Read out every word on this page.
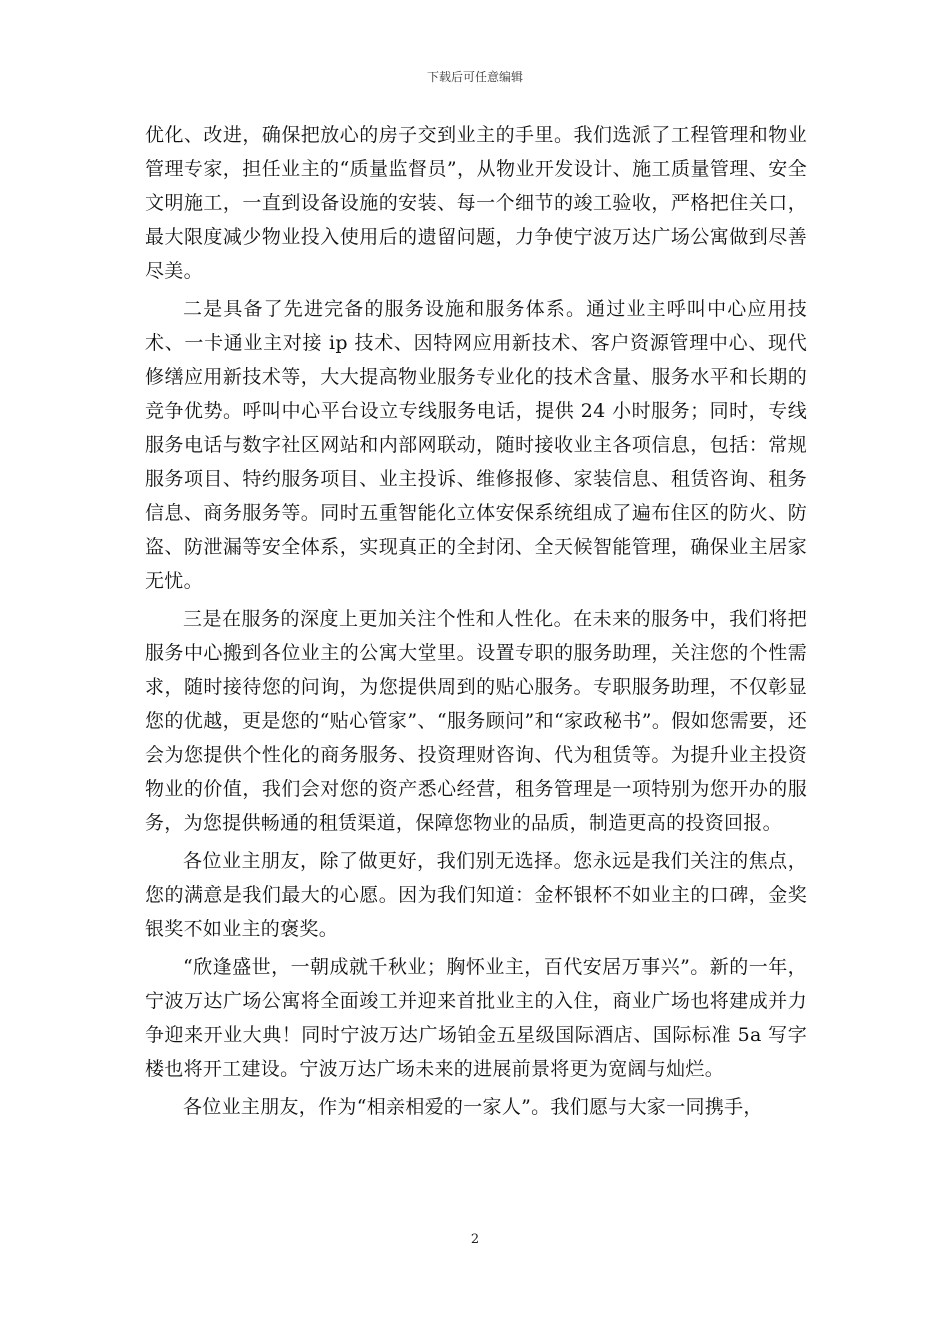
下载后可任意编辑

优化、改进，确保把放心的房子交到业主的手里。我们选派了工程管理和物业管理专家，担任业主的“质量监督员”，从物业开发设计、施工质量管理、安全文明施工，一直到设备设施的安装、每一个细节的竣工验收，严格把住关口，最大限度减少物业投入使用后的遗留问题，力争使宁波万达广场公寓做到尽善尽美。

二是具备了先进完备的服务设施和服务体系。通过业主呼叫中心应用技术、一卡通业主对接 ip 技术、因特网应用新技术、客户资源管理中心、现代修缮应用新技术等，大大提高物业服务专业化的技术含量、服务水平和长期的竞争优势。呼叫中心平台设立专线服务电话，提供 24 小时服务；同时，专线服务电话与数字社区网站和内部网联动，随时接收业主各项信息，包括：常规服务项目、特约服务项目、业主投诉、维修报修、家装信息、租赁咨询、租务信息、商务服务等。同时五重智能化立体安保系统组成了遍布住区的防火、防盗、防泄漏等安全体系，实现真正的全封闭、全天候智能管理，确保业主居家无忧。

三是在服务的深度上更加关注个性和人性化。在未来的服务中，我们将把服务中心搬到各位业主的公寓大堂里。设置专职的服务助理，关注您的个性需求，随时接待您的问询，为您提供周到的贴心服务。专职服务助理，不仅彰显您的优越，更是您的“贴心管家”、“服务顾问”和“家政秘书”。假如您需要，还会为您提供个性化的商务服务、投资理财咨询、代为租赁等。为提升业主投资物业的价值，我们会对您的资产悉心经营，租务管理是一项特别为您开办的服务，为您提供畅通的租赁渠道，保障您物业的品质，制造更高的投资回报。

各位业主朋友，除了做更好，我们别无选择。您永远是我们关注的焦点，您的满意是我们最大的心愿。因为我们知道：金杯银杯不如业主的口碑，金奖银奖不如业主的褒奖。

“欣逢盛世，一朝成就千秋业；胸怀业主，百代安居万事兴”。新的一年，宁波万达广场公寓将全面竣工并迎来首批业主的入住，商业广场也将建成并力争迎来开业大典！同时宁波万达广场铂金五星级国际酒店、国际标准 5a 写字楼也将开工建设。宁波万达广场未来的进展前景将更为宽阔与灿烂。

各位业主朋友，作为“相亲相爱的一家人”。我们愿与大家一同携手，

2
